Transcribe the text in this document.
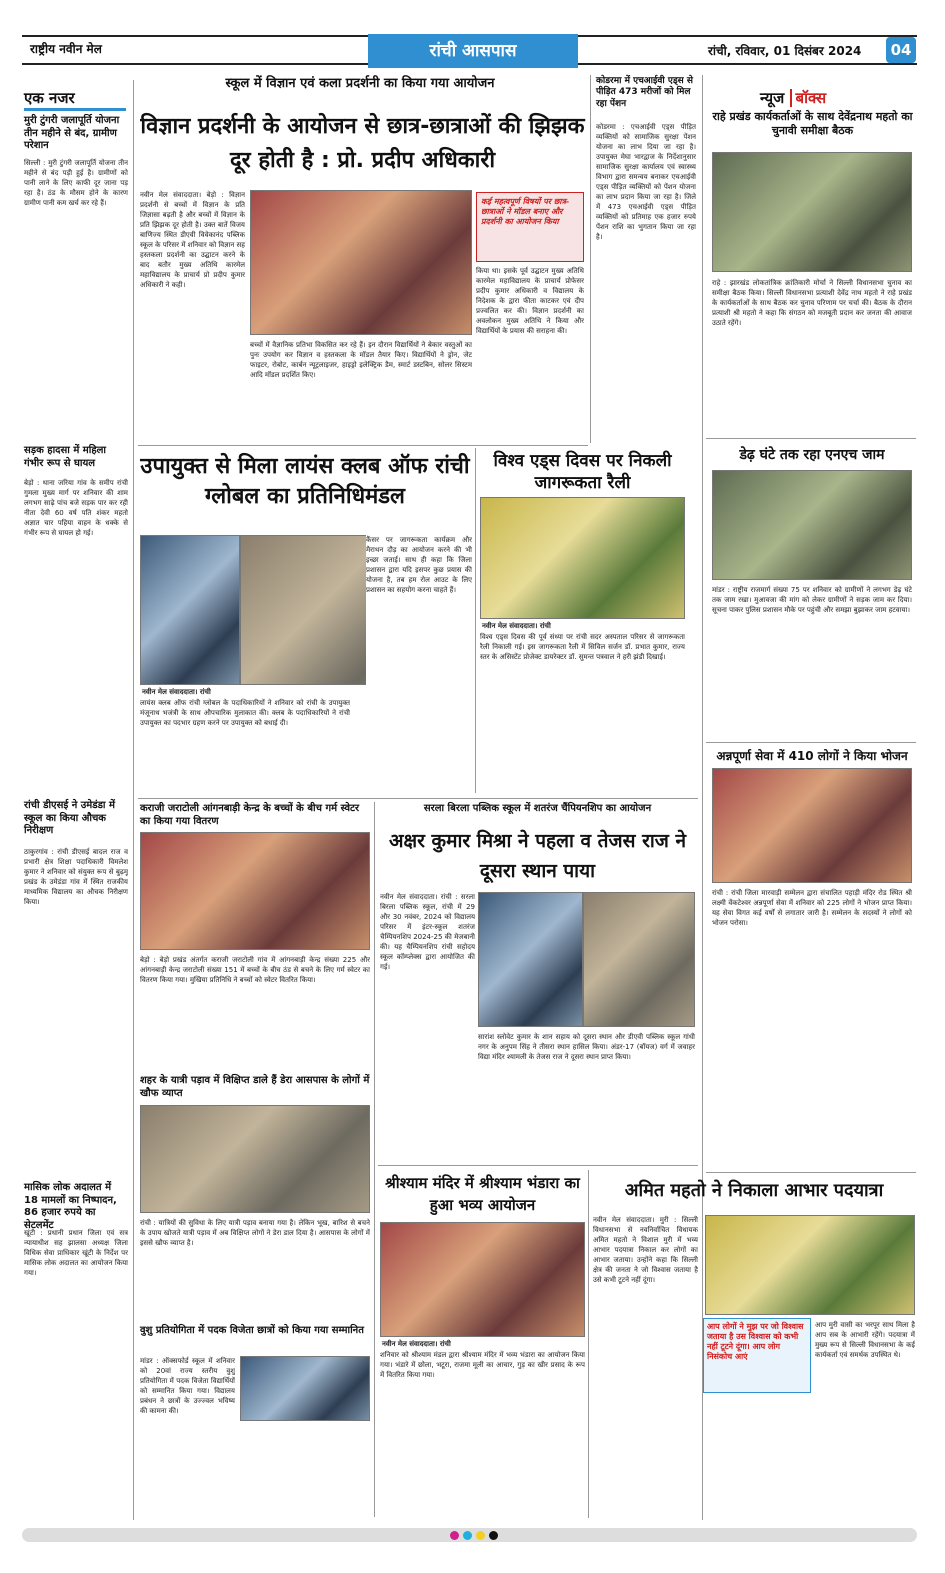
राष्ट्रीय नवीन मेल	रांची आसपास	रांची, रविवार, 01 दिसंबर 2024	04
एक नजर
मुरी टुंगरी जलापूर्ति योजना तीन महीने से बंद, ग्रामीण परेशान
सिल्ली : मुरी टुंगरी जलापूर्ति योजना तीन महीने से बंद पड़ी हुई है। ग्रामीणों को पानी लाने के लिए काफी दूर जाना पड़ रहा है। ठंड के मौसम होने के कारण ग्रामीण पानी कम खर्च कर रहे हैं।
सड़क हादसा में महिला गंभीर रूप से घायल
बेड़ो : थाना जरिया गांव के समीप रांची गुमला मुख्य मार्ग पर शनिवार की शाम लगभग साढ़े पांच बजे सड़क पार कर रही नीता देवी 60 वर्ष पति शंकर महतो अज्ञात चार पहिया वाहन के धक्के से गंभीर रूप से घायल हो गई।
रांची डीएसई ने उमेडंडा में स्कूल का किया औचक निरीक्षण
ठाकुरगांव : रांची डीएसई बादल राज व प्रभारी क्षेत्र शिक्षा पदाधिकारी विमलेश कुमार ने शनिवार को संयुक्त रूप से बुढ़मू प्रखंड के उमेडंडा गांव में स्थित राजकीय माध्यमिक विद्यालय का औचक निरीक्षण किया।
मासिक लोक अदालत में 18 मामलों का निष्पादन, 86 हजार रुपये का सेटलमेंट
खूंटी : प्रधानी प्रधान जिला एवं सत्र न्यायाधीश सह झालसा अध्यक्ष जिला विधिक सेवा प्राधिकार खूंटी के निर्देश पर मासिक लोक अदालत का आयोजन किया गया।
स्कूल में विज्ञान एवं कला प्रदर्शनी का किया गया आयोजन
विज्ञान प्रदर्शनी के आयोजन से छात्र-छात्राओं की झिझक दूर होती है : प्रो. प्रदीप अधिकारी
नवीन मेल संवाददाता। बेड़ो : विज्ञान प्रदर्शनी से बच्चों में विज्ञान के प्रति जिज्ञासा बढ़ती है और बच्चों में विज्ञान के प्रति झिझक दूर होती है। उक्त बातें विजय बाणिज्य स्थित डीएवी विवेकानंद पब्लिक स्कूल के परिसर में शनिवार को विज्ञान सह हस्तकला प्रदर्शनी का उद्घाटन करने के बाद बतौर मुख्य अतिथि कारमेल महाविद्यालय के प्राचार्य प्रो प्रदीप कुमार अधिकारी ने कही।
बच्चों में वैज्ञानिक प्रतिभा विकसित कर रहे हैं। इन दौरान विद्यार्थियों ने बेकार वस्तुओं का पुनः उपयोग कर विज्ञान व हस्तकला के मॉडल तैयार किए। विद्यार्थियों ने ड्रोन, जेट फाइटर, रोबोट, कार्बन न्यूट्रलाइजर, हाइड्रो इलेक्ट्रिक डैम, स्मार्ट डस्टबिन, सोलर सिस्टम आदि मॉडल प्रदर्शित किए।
कई महत्वपूर्ण विषयों पर छात्र-छात्राओं ने मॉडल बनाए और प्रदर्शनी का आयोजन किया
किया था। इसके पूर्व उद्घाटन मुख्य अतिथि कारमेल महाविद्यालय के प्राचार्य प्रोफेसर प्रदीप कुमार अधिकारी व विद्यालय के निदेशक के द्वारा फीता काटकर एवं दीप प्रज्वलित कर की। विज्ञान प्रदर्शनी का अवलोकन मुख्य अतिथि ने किया और विद्यार्थियों के प्रयास की सराहना की।
कोडरमा में एचआईवी एड्स से पीड़ित 473 मरीजों को मिल रहा पेंशन
कोडरमा : एचआईवी एड्स पीड़ित व्यक्तियों को सामाजिक सुरक्षा पेंशन योजना का लाभ दिया जा रहा है। उपायुक्त मेघा भारद्वाज के निर्देशानुसार सामाजिक सुरक्षा कार्यालय एवं स्वास्थ्य विभाग द्वारा समन्वय बनाकर एचआईवी एड्स पीड़ित व्यक्तियों को पेंशन योजना का लाभ प्रदान किया जा रहा है। जिले में 473 एचआईवी एड्स पीड़ित व्यक्तियों को प्रतिमाह एक हजार रुपये पेंशन राशि का भुगतान किया जा रहा है।
न्यूज बॉक्स
राहे प्रखंड कार्यकर्ताओं के साथ देवेंद्रनाथ महतो का चुनावी समीक्षा बैठक
राहे : झारखंड लोकतांत्रिक क्रांतिकारी मोर्चा ने सिल्ली विधानसभा चुनाव का समीक्षा बैठक किया। सिल्ली विधानसभा प्रत्याशी देवेंद्र नाथ महतो ने राहे प्रखंड के कार्यकर्ताओं के साथ बैठक कर चुनाव परिणाम पर चर्चा की। बैठक के दौरान प्रत्याशी श्री महतो ने कहा कि संगठन को मजबूती प्रदान कर जनता की आवाज उठाते रहेंगे।
उपायुक्त से मिला लायंस क्लब ऑफ रांची ग्लोबल का प्रतिनिधिमंडल
नवीन मेल संवाददाता। रांची
लायंस क्लब ऑफ रांची ग्लोबल के पदाधिकारियों ने शनिवार को रांची के उपायुक्त मंजूनाथ भजंत्री के साथ औपचारिक मुलाकात की। क्लब के पदाधिकारियों ने रांची उपायुक्त का पदभार ग्रहण करने पर उपायुक्त को बधाई दी।
कैंसर पर जागरूकता कार्यक्रम और मैराथन दौड़ का आयोजन करने की भी इच्छा जताई। साथ ही कहा कि जिला प्रशासन द्वारा यदि इसपर कुछ प्रयास की योजना है, तब हम रोल आउट के लिए प्रशासन का सहयोग करना चाहते हैं।
विश्व एड्स दिवस पर निकली जागरूकता रैली
नवीन मेल संवाददाता। रांची
विश्व एड्स दिवस की पूर्व संध्या पर रांची सदर अस्पताल परिसर से जागरूकता रैली निकाली गई। इस जागरूकता रैली में सिविल सर्जन डॉ. प्रभात कुमार, राज्य स्तर के असिस्टेंट प्रोजेक्ट डायरेक्टर डॉ. सुमन्त पत्रवाल ने हरी झंडी दिखाई।
डेढ़ घंटे तक रहा एनएच जाम
मांडर : राष्ट्रीय राजमार्ग संख्या 75 पर शनिवार को ग्रामीणों ने लगभग डेढ़ घंटे तक जाम रखा। मुआवजा की मांग को लेकर ग्रामीणों ने सड़क जाम कर दिया। सूचना पाकर पुलिस प्रशासन मौके पर पहुंची और समझा बुझाकर जाम हटवाया।
अन्नपूर्णा सेवा में 410 लोगों ने किया भोजन
रांची : रांची जिला मारवाड़ी सम्मेलन द्वारा संचालित पहाड़ी मंदिर रोड स्थित श्री लक्ष्मी वेंकटेश्वर अन्नपूर्णा सेवा में शनिवार को 225 लोगों ने भोजन प्राप्त किया। यह सेवा विगत कई वर्षों से लगातार जारी है। सम्मेलन के सदस्यों ने लोगों को भोजन परोसा।
कराजी जराटोली आंगनबाड़ी केन्द्र के बच्चों के बीच गर्म स्वेटर का किया गया वितरण
बेड़ो : बेड़ो प्रखंड अंतर्गत कराजी जराटोली गांव में आंगनबाड़ी केन्द्र संख्या 225 और आंगनबाड़ी केन्द्र जराटोली संख्या 151 में बच्चों के बीच ठंड से बचने के लिए गर्म स्वेटर का वितरण किया गया। मुखिया प्रतिनिधि ने बच्चों को स्वेटर वितरित किया।
शहर के यात्री पड़ाव में विक्षिप्त डाले हैं डेरा आसपास के लोगों में खौफ व्याप्त
रांची : यात्रियों की सुविधा के लिए यात्री पड़ाव बनाया गया है। लेकिन भूख, बारिश से बचने के उपाय खोजते यात्री पड़ाव में अब विक्षिप्त लोगों ने डेरा डाल दिया है। आसपास के लोगों में इससे खौफ व्याप्त है।
वुशु प्रतियोगिता में पदक विजेता छात्रों को किया गया सम्मानित
मांडर : ऑक्सफोर्ड स्कूल में शनिवार को 20वां राज्य स्तरीय वुशु प्रतियोगिता में पदक विजेता विद्यार्थियों को सम्मानित किया गया। विद्यालय प्रबंधन ने छात्रों के उज्ज्वल भविष्य की कामना की।
सरला बिरला पब्लिक स्कूल में शतरंज चैंपियनशिप का आयोजन
अक्षर कुमार मिश्रा ने पहला व तेजस राज ने दूसरा स्थान पाया
नवीन मेल संवाददाता। रांची : सरला बिरला पब्लिक स्कूल, रांची में 29 और 30 नवंबर, 2024 को विद्यालय परिसर में इंटर-स्कूल शतरंज चैम्पियनशिप 2024-25 की मेजबानी की। यह चैम्पियनशिप रांची सहोदय स्कूल कॉम्प्लेक्स द्वारा आयोजित की गई।
सारांश स्लोवेट कुमार के शान सहाय को दूसरा स्थान और डीएवी पब्लिक स्कूल गांधी नगर के अनुपम सिंह ने तीसरा स्थान हासिल किया। अंडर-17 (बॉयज) वर्ग में जवाहर विद्या मंदिर श्यामली के तेजस राज ने दूसरा स्थान प्राप्त किया।
श्रीश्याम मंदिर में श्रीश्याम भंडारा का हुआ भव्य आयोजन
नवीन मेल संवाददाता। रांची
शनिवार को श्रीश्याम मंडल द्वारा श्रीश्याम मंदिर में भव्य भंडारा का आयोजन किया गया। भंडारे में छोला, भटूरा, राजमा मूली का आचार, गुड़ का खीर प्रसाद के रूप में वितरित किया गया।
अमित महतो ने निकाला आभार पदयात्रा
नवीन मेल संवाददाता। मुरी : सिल्ली विधानसभा से नवनिर्वाचित विधायक अमित महतो ने विशाल मुरी में भव्य आभार पदयात्रा निकाल कर लोगों का आभार जताया। उन्होंने कहा कि सिल्ली क्षेत्र की जनता ने जो विश्वास जताया है उसे कभी टूटने नहीं दूंगा।
आप लोगों ने मुझ पर जो विश्वास जताया है उस विश्वास को कभी नहीं टूटने दूंगा। आप लोग निसंकोच आएं
आप मुरी वासी का भरपूर साथ मिला है आप सब के आभारी रहेंगे। पदयात्रा में मुख्य रूप से सिल्ली विधानसभा के कई कार्यकर्ता एवं समर्थक उपस्थित थे।
